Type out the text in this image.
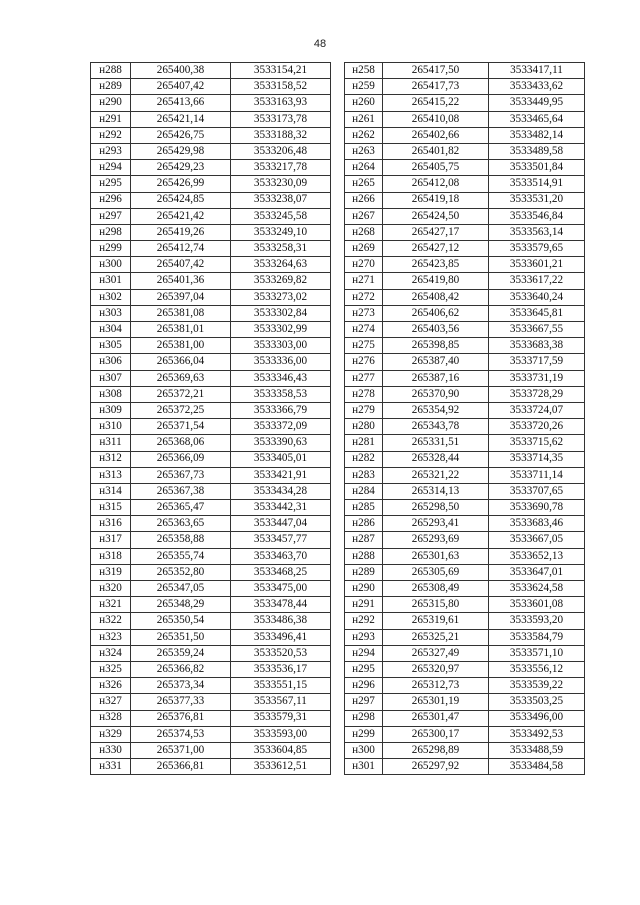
48
н288	265400,38	3533154,21
н289	265407,42	3533158,52
н290	265413,66	3533163,93
н291	265421,14	3533173,78
н292	265426,75	3533188,32
н293	265429,98	3533206,48
н294	265429,23	3533217,78
н295	265426,99	3533230,09
н296	265424,85	3533238,07
н297	265421,42	3533245,58
н298	265419,26	3533249,10
н299	265412,74	3533258,31
н300	265407,42	3533264,63
н301	265401,36	3533269,82
н302	265397,04	3533273,02
н303	265381,08	3533302,84
н304	265381,01	3533302,99
н305	265381,00	3533303,00
н306	265366,04	3533336,00
н307	265369,63	3533346,43
н308	265372,21	3533358,53
н309	265372,25	3533366,79
н310	265371,54	3533372,09
н311	265368,06	3533390,63
н312	265366,09	3533405,01
н313	265367,73	3533421,91
н314	265367,38	3533434,28
н315	265365,47	3533442,31
н316	265363,65	3533447,04
н317	265358,88	3533457,77
н318	265355,74	3533463,70
н319	265352,80	3533468,25
н320	265347,05	3533475,00
н321	265348,29	3533478,44
н322	265350,54	3533486,38
н323	265351,50	3533496,41
н324	265359,24	3533520,53
н325	265366,82	3533536,17
н326	265373,34	3533551,15
н327	265377,33	3533567,11
н328	265376,81	3533579,31
н329	265374,53	3533593,00
н330	265371,00	3533604,85
н331	265366,81	3533612,51
н258	265417,50	3533417,11
н259	265417,73	3533433,62
н260	265415,22	3533449,95
н261	265410,08	3533465,64
н262	265402,66	3533482,14
н263	265401,82	3533489,58
н264	265405,75	3533501,84
н265	265412,08	3533514,91
н266	265419,18	3533531,20
н267	265424,50	3533546,84
н268	265427,17	3533563,14
н269	265427,12	3533579,65
н270	265423,85	3533601,21
н271	265419,80	3533617,22
н272	265408,42	3533640,24
н273	265406,62	3533645,81
н274	265403,56	3533667,55
н275	265398,85	3533683,38
н276	265387,40	3533717,59
н277	265387,16	3533731,19
н278	265370,90	3533728,29
н279	265354,92	3533724,07
н280	265343,78	3533720,26
н281	265331,51	3533715,62
н282	265328,44	3533714,35
н283	265321,22	3533711,14
н284	265314,13	3533707,65
н285	265298,50	3533690,78
н286	265293,41	3533683,46
н287	265293,69	3533667,05
н288	265301,63	3533652,13
н289	265305,69	3533647,01
н290	265308,49	3533624,58
н291	265315,80	3533601,08
н292	265319,61	3533593,20
н293	265325,21	3533584,79
н294	265327,49	3533571,10
н295	265320,97	3533556,12
н296	265312,73	3533539,22
н297	265301,19	3533503,25
н298	265301,47	3533496,00
н299	265300,17	3533492,53
н300	265298,89	3533488,59
н301	265297,92	3533484,58
